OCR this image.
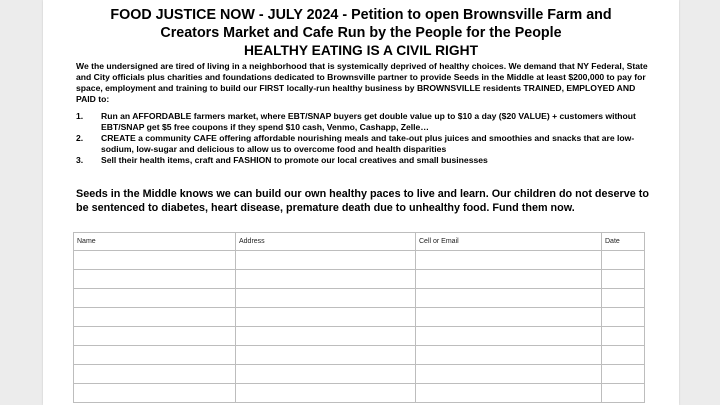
FOOD JUSTICE NOW - JULY 2024 - Petition to open Brownsville Farm and
Creators Market and Cafe Run by the People for the People
HEALTHY EATING IS A CIVIL RIGHT

We the undersigned are tired of living in a neighborhood that is systemically deprived of healthy choices. We demand that NY Federal, State and City officials plus charities and foundations dedicated to Brownsville partner to provide Seeds in the Middle at least $200,000 to pay for space, employment and training to build our FIRST locally-run healthy business by BROWNSVILLE residents TRAINED, EMPLOYED AND PAID to:

1. Run an AFFORDABLE farmers market, where EBT/SNAP buyers get double value up to $10 a day ($20 VALUE) + customers without EBT/SNAP get $5 free coupons if they spend $10 cash, Venmo, Cashapp, Zelle…
2. CREATE a community CAFE offering affordable nourishing meals and take-out plus juices and smoothies and snacks that are low-sodium, low-sugar and delicious to allow us to overcome food and health disparities
3. Sell their health items, craft and FASHION to promote our local creatives and small businesses

Seeds in the Middle knows we can build our own healthy paces to live and learn. Our children do not deserve to be sentenced to diabetes, heart disease, premature death due to unhealthy food. Fund them now.

Name	Address	Cell or Email	Date
